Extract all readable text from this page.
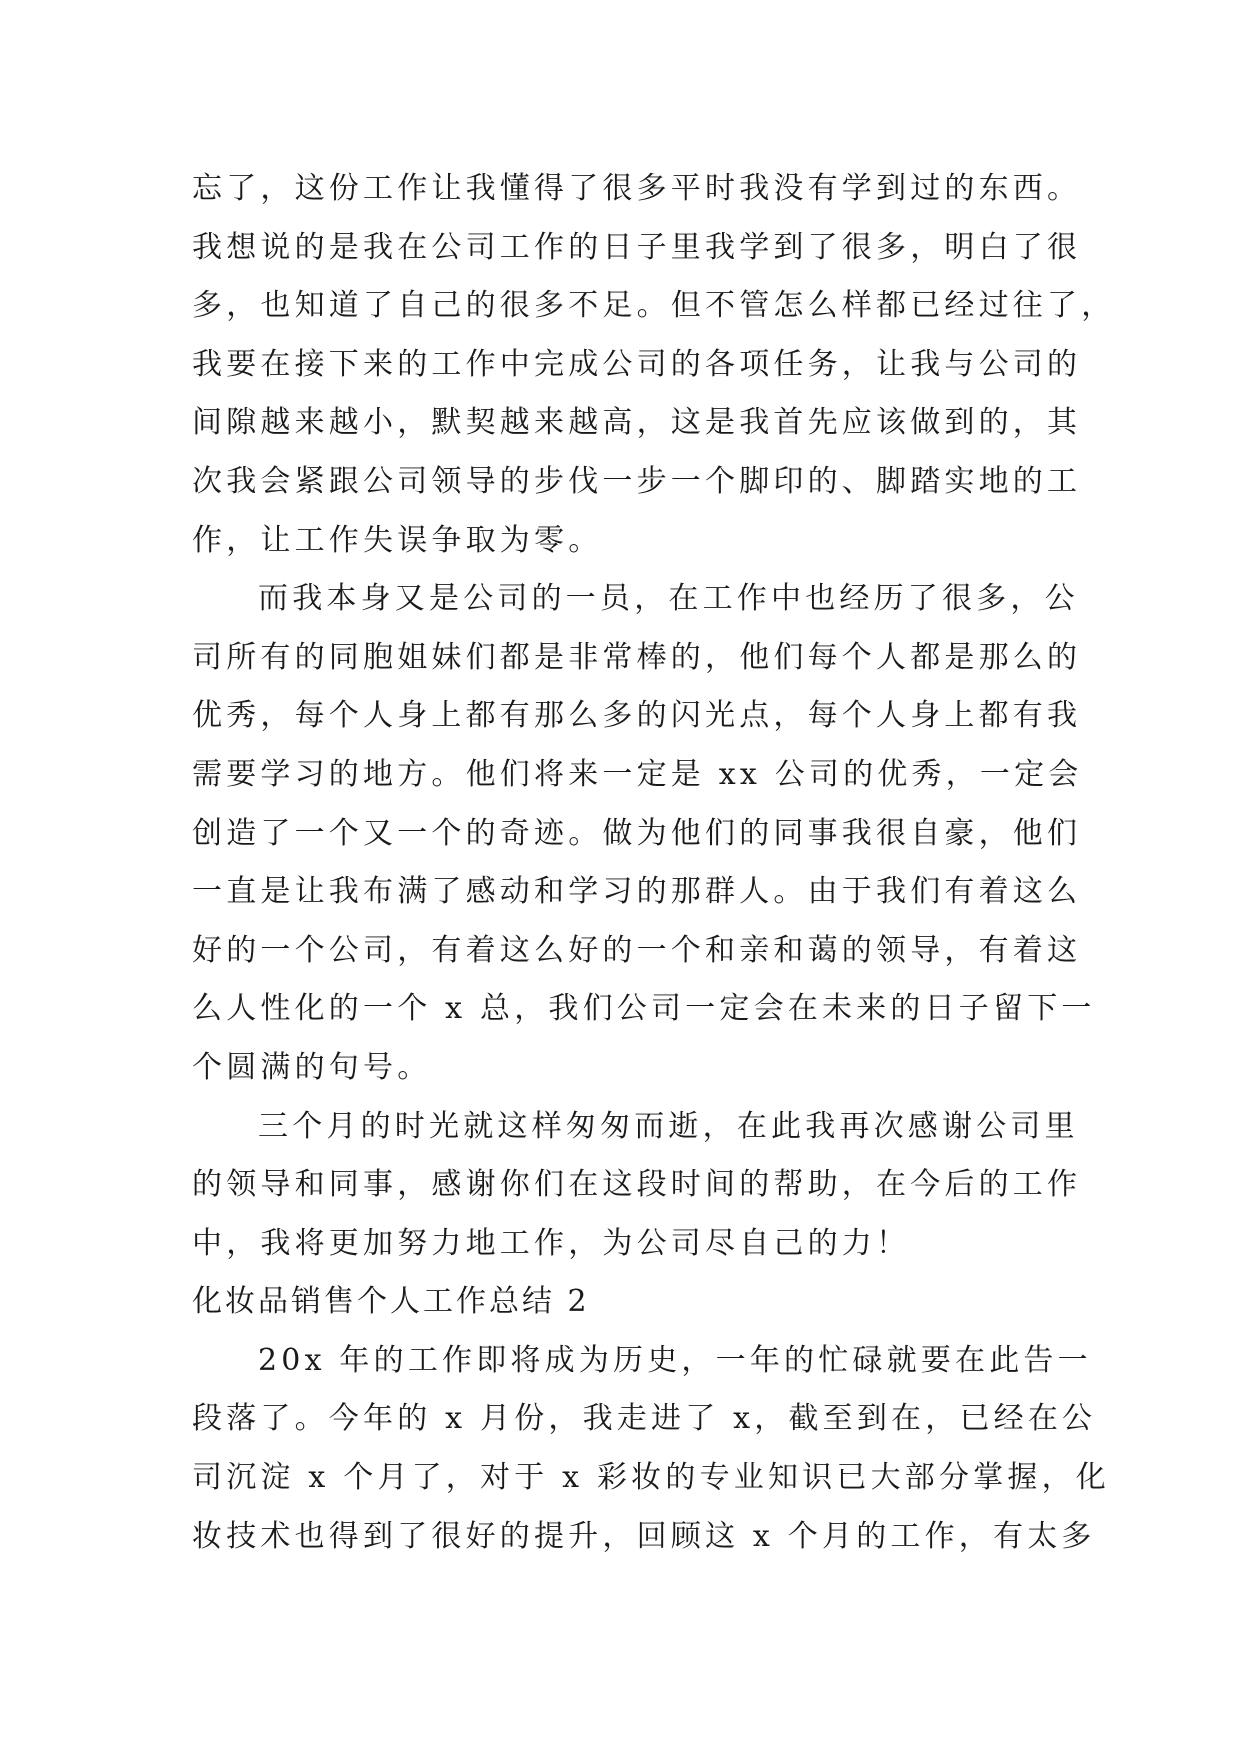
忘了，这份工作让我懂得了很多平时我没有学到过的东西。
我想说的是我在公司工作的日子里我学到了很多，明白了很
多，也知道了自己的很多不足。但不管怎么样都已经过往了，
我要在接下来的工作中完成公司的各项任务，让我与公司的
间隙越来越小，默契越来越高，这是我首先应该做到的，其
次我会紧跟公司领导的步伐一步一个脚印的、脚踏实地的工
作，让工作失误争取为零。
而我本身又是公司的一员，在工作中也经历了很多，公
司所有的同胞姐妹们都是非常棒的，他们每个人都是那么的
优秀，每个人身上都有那么多的闪光点，每个人身上都有我
需要学习的地方。他们将来一定是 xx 公司的优秀，一定会
创造了一个又一个的奇迹。做为他们的同事我很自豪，他们
一直是让我布满了感动和学习的那群人。由于我们有着这么
好的一个公司，有着这么好的一个和亲和蔼的领导，有着这
么人性化的一个 x 总，我们公司一定会在未来的日子留下一
个圆满的句号。
三个月的时光就这样匆匆而逝，在此我再次感谢公司里
的领导和同事，感谢你们在这段时间的帮助，在今后的工作
中，我将更加努力地工作，为公司尽自己的力！
化妆品销售个人工作总结 2
20x 年的工作即将成为历史，一年的忙碌就要在此告一
段落了。今年的 x 月份，我走进了 x，截至到在，已经在公
司沉淀 x 个月了，对于 x 彩妆的专业知识已大部分掌握，化
妆技术也得到了很好的提升，回顾这 x 个月的工作，有太多
